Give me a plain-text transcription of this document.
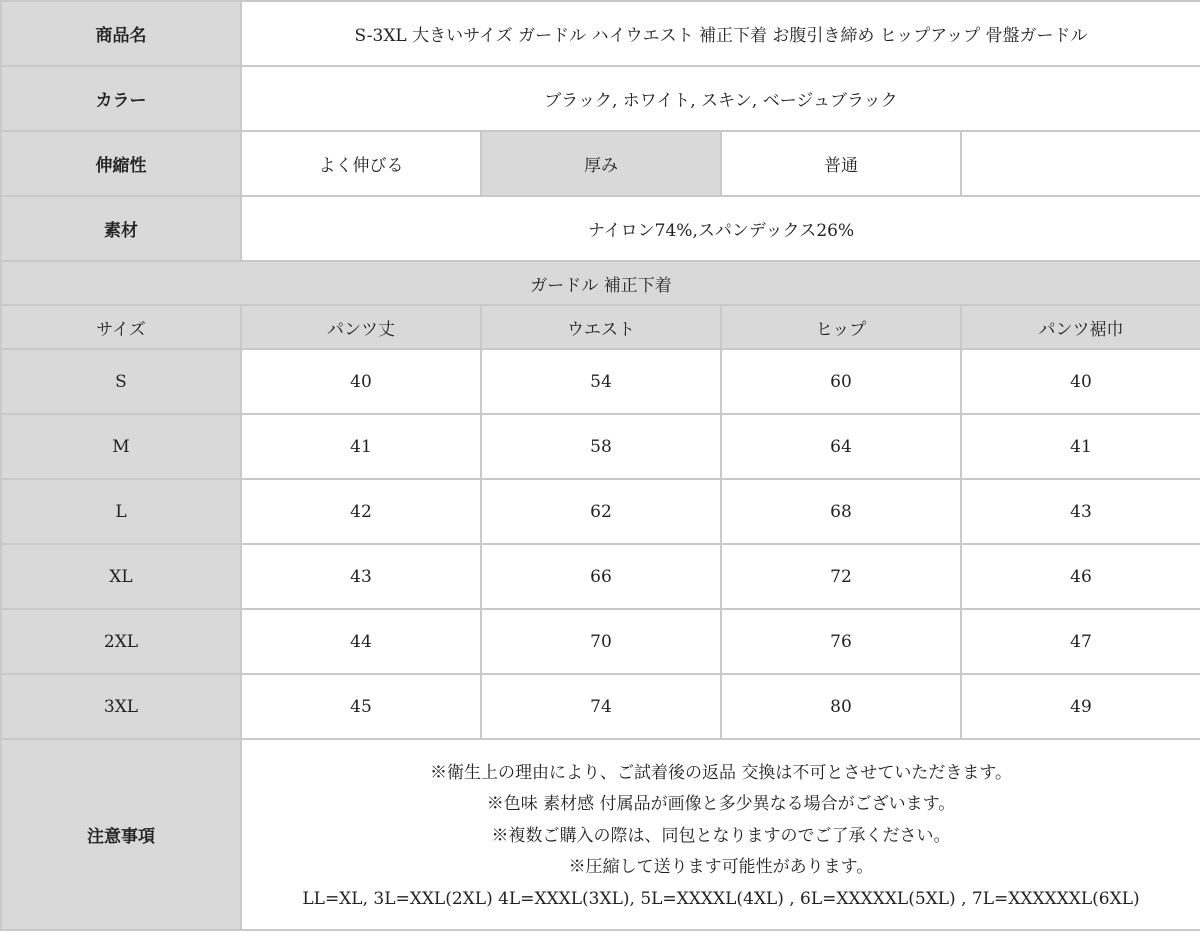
商品名	S-3XL 大きいサイズ ガードル ハイウエスト 補正下着 お腹引き締め ヒップアップ 骨盤ガードル			
カラー	ブラック, ホワイト, スキン, ベージュブラック			
伸縮性	よく伸びる	厚み	普通	
素材	ナイロン74%,スパンデックス26%			
ガードル 補正下着				
サイズ	パンツ丈	ウエスト	ヒップ	パンツ裾巾
S	40	54	60	40
M	41	58	64	41
L	42	62	68	43
XL	43	66	72	46
2XL	44	70	76	47
3XL	45	74	80	49
注意事項	※衛生上の理由により、ご試着後の返品 交換は不可とさせていただきます。
※色味 素材感 付属品が画像と多少異なる場合がございます。
※複数ご購入の際は、同包となりますのでご了承ください。
※圧縮して送ります可能性があります。
LL=XL, 3L=XXL(2XL) 4L=XXXL(3XL), 5L=XXXXL(4XL) , 6L=XXXXXL(5XL) , 7L=XXXXXXL(6XL)			
